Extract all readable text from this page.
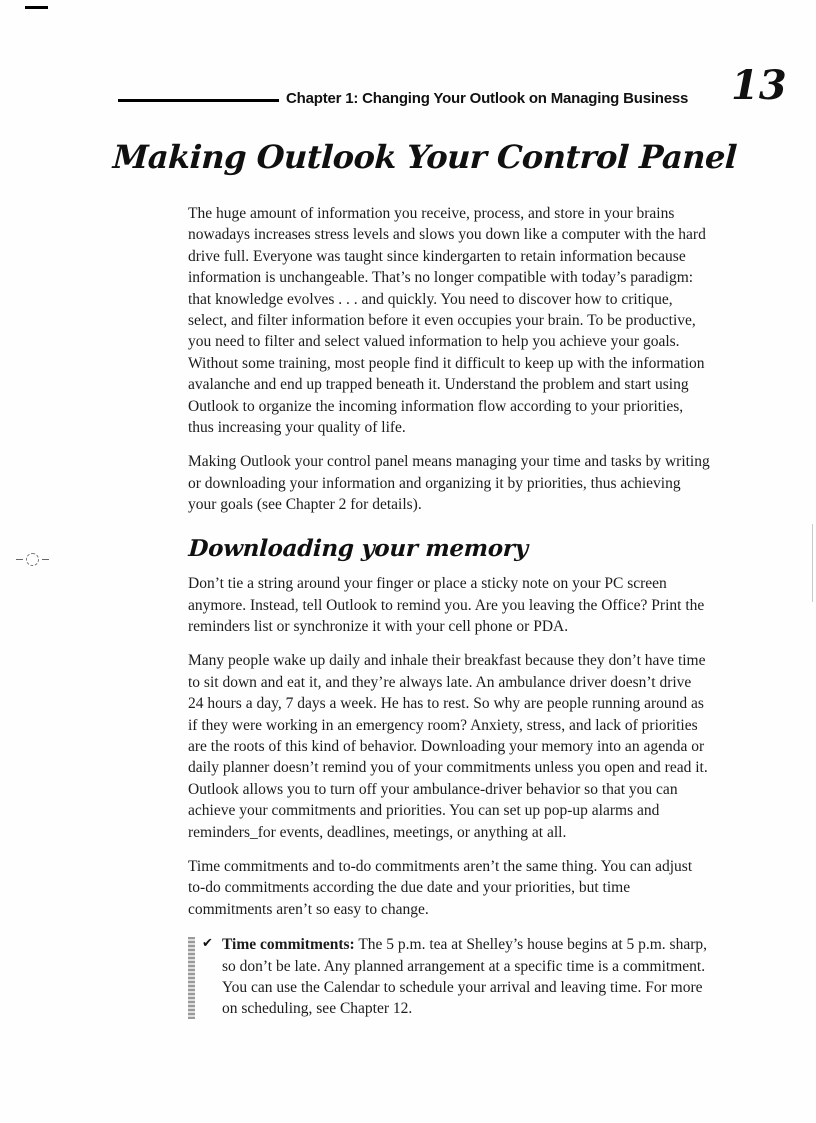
Chapter 1: Changing Your Outlook on Managing Business 13
Making Outlook Your Control Panel

The huge amount of information you receive, process, and store in your brains nowadays increases stress levels and slows you down like a computer with the hard drive full. Everyone was taught since kindergarten to retain information because information is unchangeable. That’s no longer compatible with today’s paradigm: that knowledge evolves . . . and quickly. You need to discover how to critique, select, and filter information before it even occupies your brain. To be productive, you need to filter and select valued information to help you achieve your goals. Without some training, most people find it difficult to keep up with the information avalanche and end up trapped beneath it. Understand the problem and start using Outlook to organize the incoming information flow according to your priorities, thus increasing your quality of life.

Making Outlook your control panel means managing your time and tasks by writing or downloading your information and organizing it by priorities, thus achieving your goals (see Chapter 2 for details).

Downloading your memory

Don’t tie a string around your finger or place a sticky note on your PC screen anymore. Instead, tell Outlook to remind you. Are you leaving the Office? Print the reminders list or synchronize it with your cell phone or PDA.

Many people wake up daily and inhale their breakfast because they don’t have time to sit down and eat it, and they’re always late. An ambulance driver doesn’t drive 24 hours a day, 7 days a week. He has to rest. So why are people running around as if they were working in an emergency room? Anxiety, stress, and lack of priorities are the roots of this kind of behavior. Downloading your memory into an agenda or daily planner doesn’t remind you of your commitments unless you open and read it. Outlook allows you to turn off your ambulance-driver behavior so that you can achieve your commitments and priorities. You can set up pop-up alarms and reminders_for events, deadlines, meetings, or anything at all.

Time commitments and to-do commitments aren’t the same thing. You can adjust to-do commitments according the due date and your priorities, but time commitments aren’t so easy to change.

✔ Time commitments: The 5 p.m. tea at Shelley’s house begins at 5 p.m. sharp, so don’t be late. Any planned arrangement at a specific time is a commitment. You can use the Calendar to schedule your arrival and leaving time. For more on scheduling, see Chapter 12.
